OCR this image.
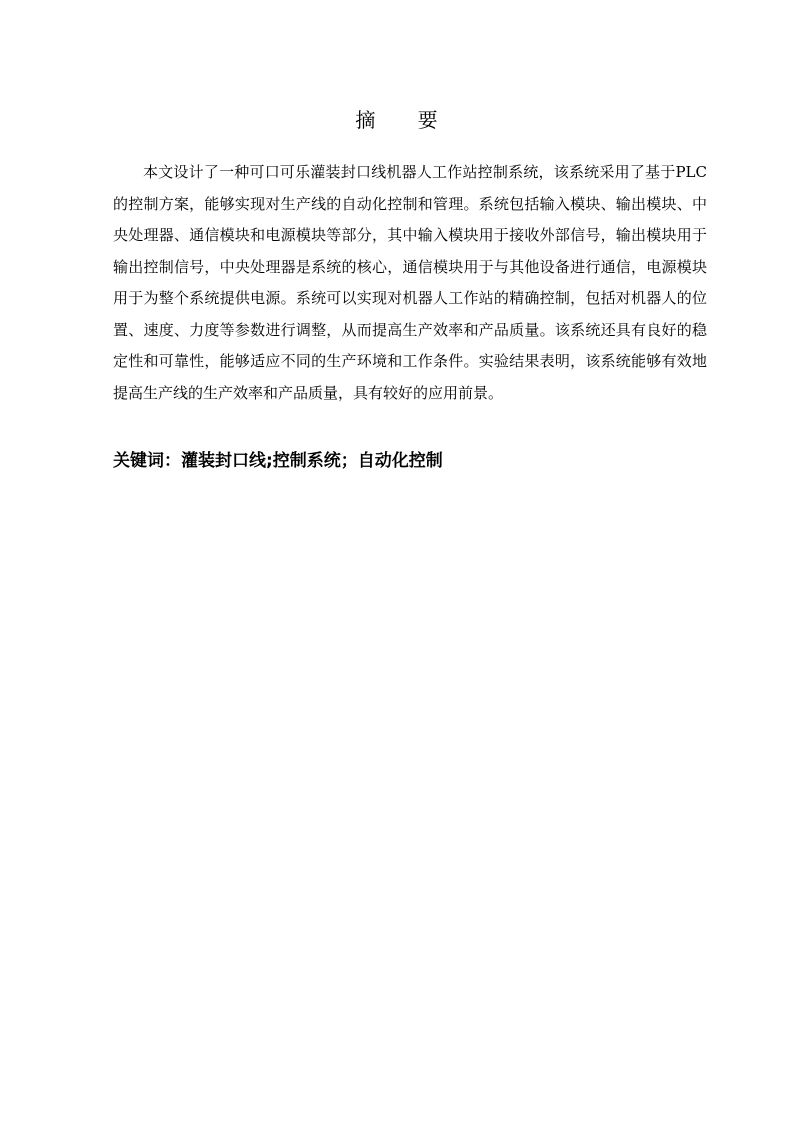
摘 要

本文设计了一种可口可乐灌装封口线机器人工作站控制系统，该系统采用了基于PLC的控制方案，能够实现对生产线的自动化控制和管理。系统包括输入模块、输出模块、中央处理器、通信模块和电源模块等部分，其中输入模块用于接收外部信号，输出模块用于输出控制信号，中央处理器是系统的核心，通信模块用于与其他设备进行通信，电源模块用于为整个系统提供电源。系统可以实现对机器人工作站的精确控制，包括对机器人的位置、速度、力度等参数进行调整，从而提高生产效率和产品质量。该系统还具有良好的稳定性和可靠性，能够适应不同的生产环境和工作条件。实验结果表明，该系统能够有效地提高生产线的生产效率和产品质量，具有较好的应用前景。

关键词：灌装封口线;控制系统；自动化控制
